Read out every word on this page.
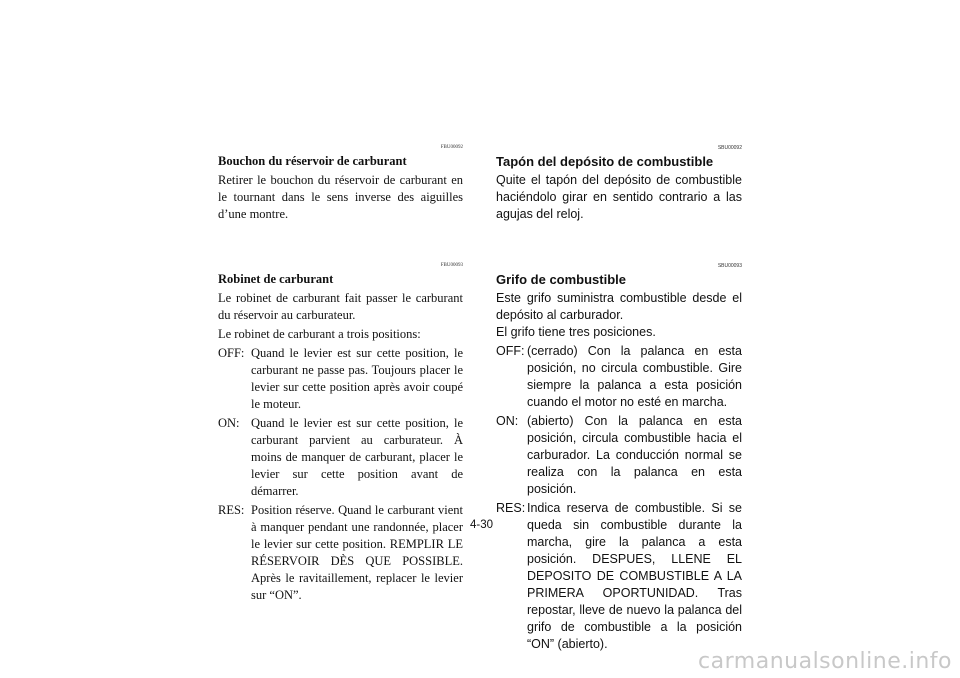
FBU00092
Bouchon du réservoir de carburant

Retirer le bouchon du réservoir de carburant en le tournant dans le sens inverse des aiguilles d’une montre.

FBU00093
Robinet de carburant

Le robinet de carburant fait passer le carburant du réservoir au carburateur.

Le robinet de carburant a trois positions:

OFF: Quand le levier est sur cette position, le carburant ne passe pas. Toujours placer le levier sur cette position après avoir coupé le moteur.
ON: Quand le levier est sur cette position, le carburant parvient au carburateur. À moins de manquer de carburant, placer le levier sur cette position avant de démarrer.
RES: Position réserve. Quand le carburant vient à manquer pendant une randonnée, placer le levier sur cette position. REMPLIR LE RÉSERVOIR DÈS QUE POSSIBLE. Après le ravitaillement, replacer le levier sur “ON”.
SBU00092
Tapón del depósito de combustible

Quite el tapón del depósito de combustible haciéndolo girar en sentido contrario a las agujas del reloj.

SBU00093
Grifo de combustible

Este grifo suministra combustible desde el depósito al carburador.

El grifo tiene tres posiciones.

OFF: (cerrado) Con la palanca en esta posición, no circula combustible. Gire siempre la palanca a esta posición cuando el motor no esté en marcha.
ON: (abierto) Con la palanca en esta posición, circula combustible hacia el carburador. La conducción normal se realiza con la palanca en esta posición.
RES: Indica reserva de combustible. Si se queda sin combustible durante la marcha, gire la palanca a esta posición. DESPUES, LLENE EL DEPOSITO DE COMBUSTIBLE A LA PRIMERA OPORTUNIDAD. Tras repostar, lleve de nuevo la palanca del grifo de combustible a la posición “ON” (abierto).
4-30
carmanualsonline.info
